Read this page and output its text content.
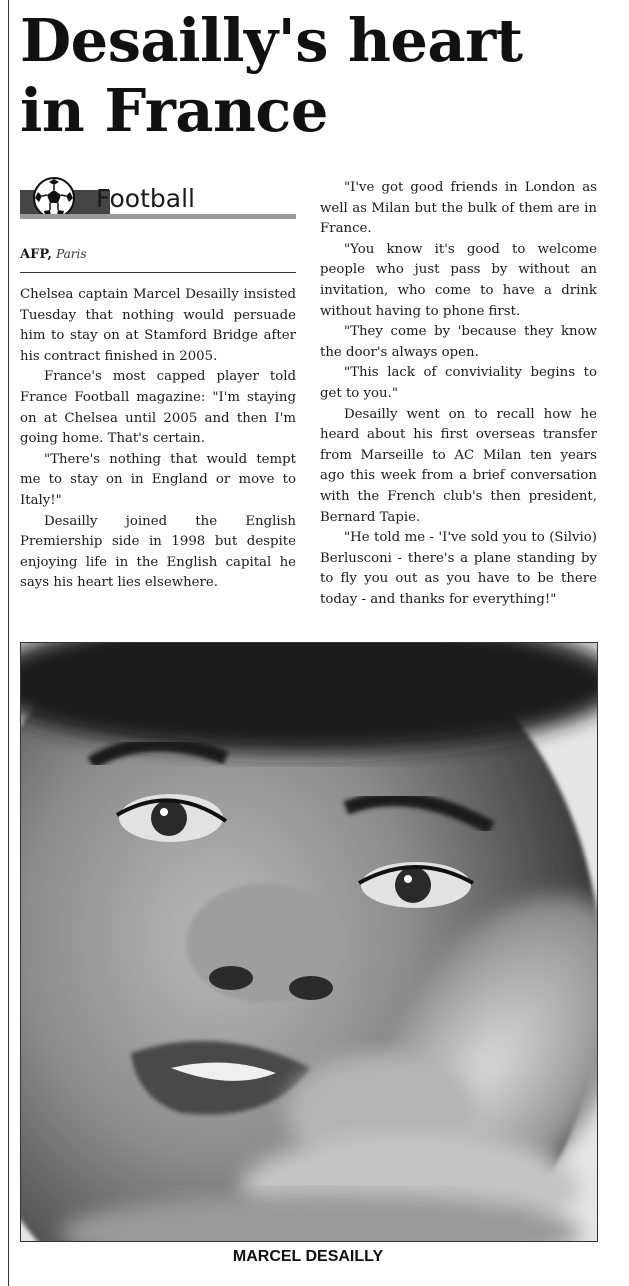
Desailly's heart
in France
Football
AFP, Paris

Chelsea captain Marcel Desailly insisted Tuesday that nothing would persuade him to stay on at Stamford Bridge after his contract finished in 2005.

France's most capped player told France Football magazine: "I'm staying on at Chelsea until 2005 and then I'm going home. That's certain.

"There's nothing that would tempt me to stay on in England or move to Italy!"

Desailly joined the English Premiership side in 1998 but despite enjoying life in the English capital he says his heart lies elsewhere.

"I've got good friends in London as well as Milan but the bulk of them are in France.

"You know it's good to welcome people who just pass by without an invitation, who come to have a drink without having to phone first.

"They come by 'because they know the door's always open.

"This lack of conviviality begins to get to you."

Desailly went on to recall how he heard about his first overseas transfer from Marseille to AC Milan ten years ago this week from a brief conversation with the French club's then president, Bernard Tapie.

"He told me - 'I've sold you to (Silvio) Berlusconi - there's a plane standing by to fly you out as you have to be there today - and thanks for everything!"

MARCEL DESAILLY
